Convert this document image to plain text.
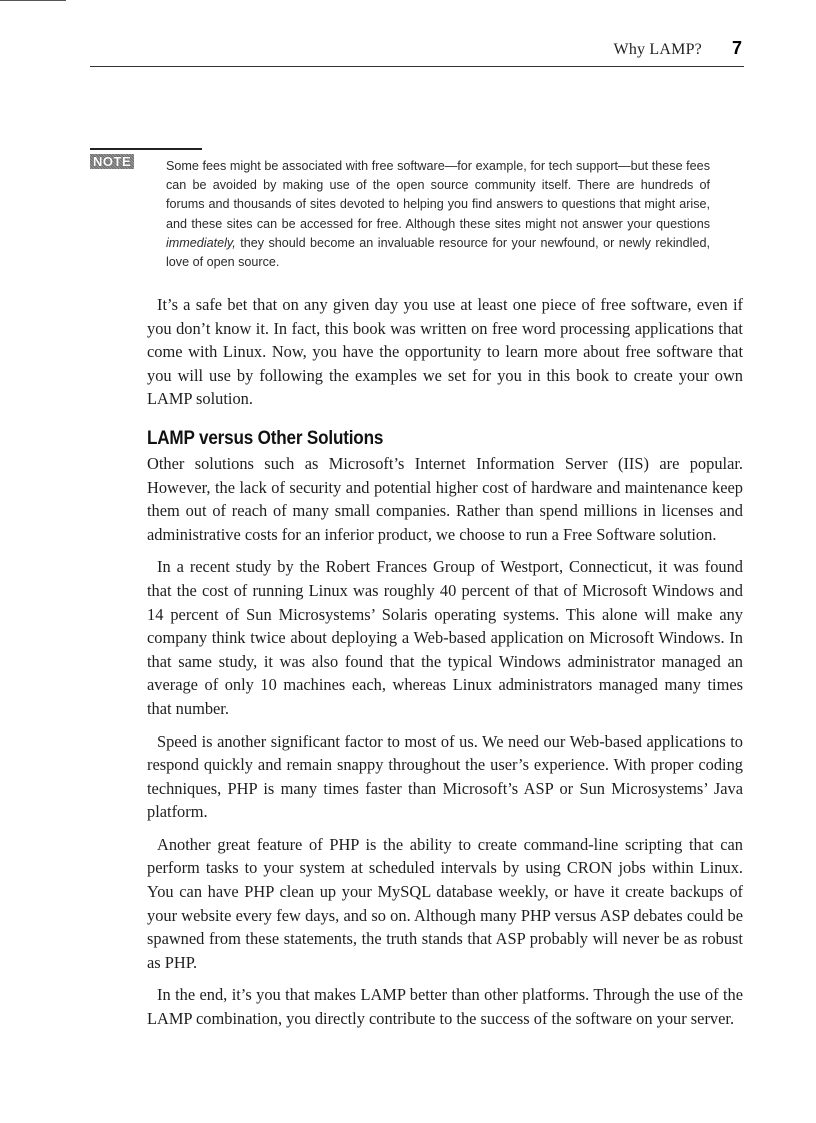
Why LAMP? 7
NOTE	Some fees might be associated with free software—for example, for tech support—but these fees can be avoided by making use of the open source community itself. There are hundreds of forums and thousands of sites devoted to helping you find answers to questions that might arise, and these sites can be accessed for free. Although these sites might not answer your questions immediately, they should become an invaluable resource for your newfound, or newly rekindled, love of open source.

It’s a safe bet that on any given day you use at least one piece of free software, even if you don’t know it. In fact, this book was written on free word processing applications that come with Linux. Now, you have the opportunity to learn more about free software that you will use by following the examples we set for you in this book to create your own LAMP solution.

LAMP versus Other Solutions

Other solutions such as Microsoft’s Internet Information Server (IIS) are popular. However, the lack of security and potential higher cost of hardware and maintenance keep them out of reach of many small companies. Rather than spend millions in licenses and administrative costs for an inferior product, we choose to run a Free Software solution.

In a recent study by the Robert Frances Group of Westport, Connecticut, it was found that the cost of running Linux was roughly 40 percent of that of Microsoft Windows and 14 percent of Sun Microsystems’ Solaris operating systems. This alone will make any company think twice about deploying a Web-based application on Microsoft Windows. In that same study, it was also found that the typical Windows administrator managed an average of only 10 machines each, whereas Linux administrators managed many times that number.

Speed is another significant factor to most of us. We need our Web-based applications to respond quickly and remain snappy throughout the user’s experience. With proper coding techniques, PHP is many times faster than Microsoft’s ASP or Sun Microsystems’ Java platform.

Another great feature of PHP is the ability to create command-line scripting that can perform tasks to your system at scheduled intervals by using CRON jobs within Linux. You can have PHP clean up your MySQL database weekly, or have it create backups of your website every few days, and so on. Although many PHP versus ASP debates could be spawned from these statements, the truth stands that ASP probably will never be as robust as PHP.

In the end, it’s you that makes LAMP better than other platforms. Through the use of the LAMP combination, you directly contribute to the success of the software on your server.
